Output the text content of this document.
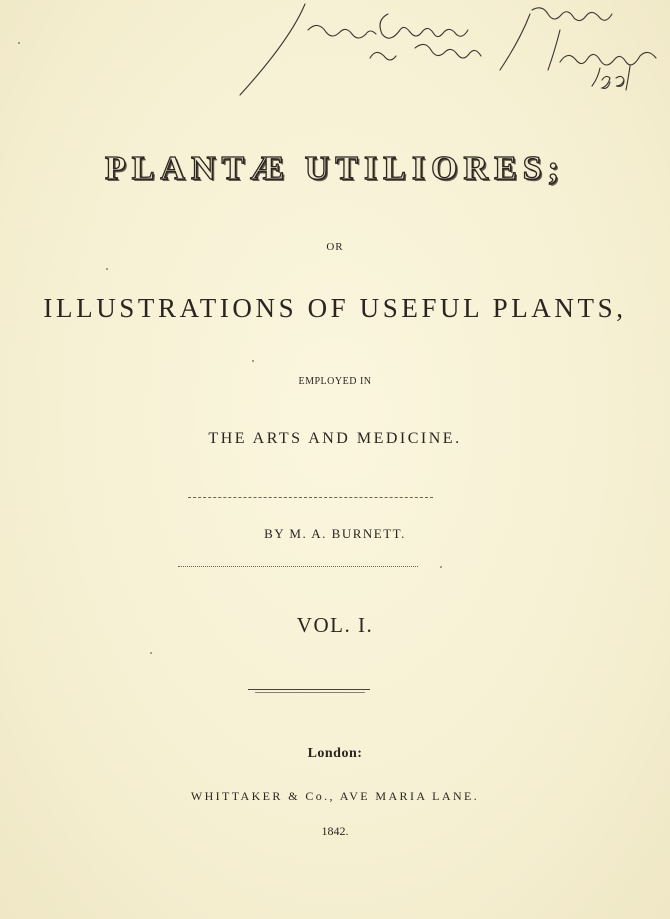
PLANTÆ UTILIORES;
OR
ILLUSTRATIONS OF USEFUL PLANTS,
EMPLOYED IN
THE ARTS AND MEDICINE.
BY M. A. BURNETT.
VOL. I.
London:
WHITTAKER & Co., AVE MARIA LANE.
1842.
